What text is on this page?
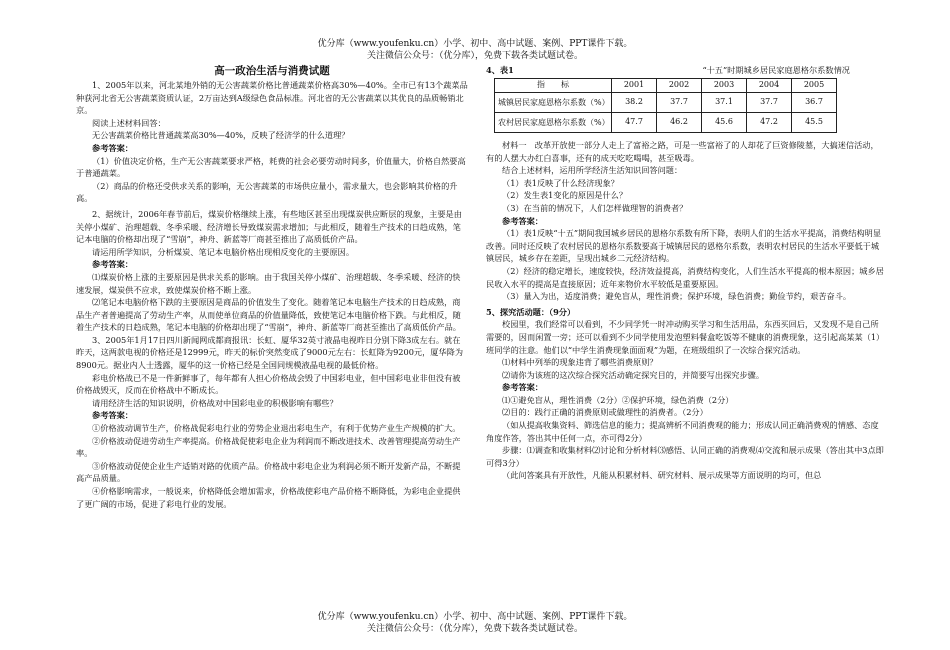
优分库（www.youfenku.cn）小学、初中、高中试题、案例、PPT课件下载。
关注微信公众号：（优分库），免费下载各类试题试卷。
高一政治生活与消费试题

1、2005年以来，河北某地外销的无公害蔬菜价格比普通蔬菜价格高30%—40%。全市已有13个蔬菜品种获河北省无公害蔬菜资质认证，2万亩达到A级绿色食品标准。河北省的无公害蔬菜以其优良的品质畅销北京。

阅读上述材料回答：

无公害蔬菜价格比普通蔬菜高30%—40%，反映了经济学的什么道理？

参考答案：

（1）价值决定价格，生产无公害蔬菜要求严格，耗费的社会必要劳动时间多，价值量大，价格自然要高于普通蔬菜。

（2）商品的价格还受供求关系的影响，无公害蔬菜的市场供应量小，需求量大，也会影响其价格的升高。

2、据统计，2006年春节前后，煤炭价格继续上涨，有些地区甚至出现煤炭供应断层的现象，主要是由关停小煤矿、治理超载、冬季采暖、经济增长导致煤炭需求增加；与此相反，随着生产技术的日趋成熟，笔记本电脑的价格却出现了“雪崩”，神舟、新蓝等厂商甚至推出了高质低价产品。

请运用所学知识，分析煤炭、笔记本电脑价格出现相反变化的主要原因。

参考答案：

⑴煤炭价格上涨的主要原因是供求关系的影响。由于我国关停小煤矿、治理超载、冬季采暖、经济的快速发展，煤炭供不应求，致使煤炭价格不断上涨。

⑵笔记本电脑价格下跌的主要原因是商品的价值发生了变化。随着笔记本电脑生产技术的日趋成熟，商品生产者普遍提高了劳动生产率，从而使单位商品的价值量降低，致使笔记本电脑价格下跌。与此相反，随着生产技术的日趋成熟，笔记本电脑的价格却出现了“雪崩”，神舟、新蓝等厂商甚至推出了高质低价产品。

3、2005年1月17日四川新闻网成都商报讯：长虹、厦华32英寸液晶电视昨日分别下降3成左右。就在昨天，这两款电视的价格还是12999元，昨天的标价突然变成了9000元左右：长虹降为9200元，厦华降为8900元。据业内人士透露，厦华的这一价格已经是全国同规模液晶电视的最低价格。

彩电价格战已不是一件新鲜事了，每年都有人担心价格战会毁了中国彩电业，但中国彩电业非但没有被价格战毁灭，反而在价格战中不断成长。

请用经济生活的知识说明，价格战对中国彩电业的积极影响有哪些？

参考答案：

①价格波动调节生产，价格战促彩电行业的劳势企业退出彩电生产，有利于优势产业生产规模的扩大。

②价格波动促进劳动生产率提高。价格战促使彩电企业为利润而不断改进技术、改善管理提高劳动生产率。

③价格波动促使企业生产适销对路的优质产品。价格战中彩电企业为利润必须不断开发新产品，不断提高产品质量。

④价格影响需求，一般说来，价格降低会增加需求，价格战使彩电产品价格不断降低，为彩电企业提供了更广阔的市场，促进了彩电行业的发展。

4、表1	“十五”时期城乡居民家庭恩格尔系数情况
指　　标	2001	2002	2003	2004	2005
城镇居民家庭恩格尔系数（%）	38.2	37.7	37.1	37.7	36.7
农村居民家庭恩格尔系数（%）	47.7	46.2	45.6	47.2	45.5

材料一　改革开放使一部分人走上了富裕之路，可是一些富裕了的人却花了巨资修陵墓，大搞迷信活动，有的人摆大办红白喜事，还有的成天吃吃喝喝，甚至吸毒。

结合上述材料，运用所学经济生活知识回答问题：

（1）表1反映了什么经济现象？

（2）发生表1变化的原因是什么？

（3）在当前的情况下，人们怎样做理智的消费者？

参考答案：

（1）表1反映“十五”期间我国城乡居民的恩格尔系数有所下降，表明人们的生活水平提高，消费结构明显改善。同时还反映了农村居民的恩格尔系数要高于城镇居民的恩格尔系数，表明农村居民的生活水平要低于城镇居民，城乡存在差距，呈现出城乡二元经济结构。

（2）经济的稳定增长，速度较快，经济效益提高，消费结构变化，人们生活水平提高的根本原因；城乡居民收入水平的提高是直接原因；近年来物价水平较低是重要原因。

（3）量入为出，适度消费；避免盲从，理性消费；保护环境，绿色消费；勤俭节约，艰苦奋斗。

5、探究活动题：（9分）

校园里，我们经常可以看到，不少同学凭一时冲动购买学习和生活用品，东西买回后，又发现不是自己所需要的，因而闲置一旁；还可以看到不少同学使用发泡塑料餐盒吃饭等不健康的消费现象，这引起高某某（1）班同学的注意。他们以“中学生消费现象面面观”为题，在班级组织了一次综合探究活动。

⑴材料中列举的现象违背了哪些消费原则？

⑵请你为该班的这次综合探究活动确定探究目的，并简要写出探究步骤。

参考答案：

⑴①避免盲从，理性消费（2分）②保护环境，绿色消费（2分）

⑵目的：践行正确的消费原则或做理性的消费者。（2分）

（如从提高收集资料、筛选信息的能力；提高辨析不同消费观的能力；形成认同正确消费观的情感、态度角度作答，答出其中任何一点，亦可得2分）

步骤：⑴调查和收集材料⑵讨论和分析材料⑶感悟、认同正确的消费观⑷交流和展示成果（答出其中3点即可得3分）

（此问答案具有开放性，凡能从积累材料、研究材料、展示成果等方面说明的均可，但总

优分库（www.youfenku.cn）小学、初中、高中试题、案例、PPT课件下载。
关注微信公众号：（优分库），免费下载各类试题试卷。
